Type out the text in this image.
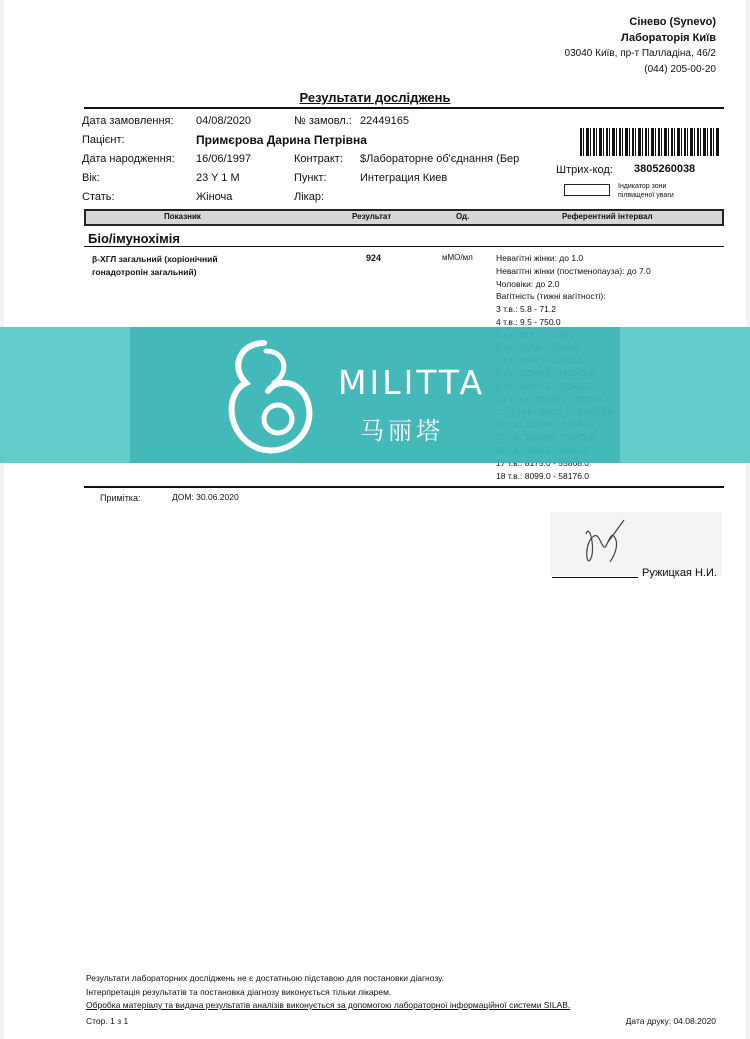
Сінево (Synevo)
Лабораторія Київ
03040 Київ, пр-т Палладіна, 46/2
(044) 205-00-20
Результати досліджень
Дата замовлення: 04/08/2020	№ замовл.: 22449165
Пацієнт:	Примєрова Дарина Петрівна
Дата народження: 16/06/1997	Контракт: $Лабораторне об'єднання (Бер
Вік:	23 Y 1 M	Пункт:	Интеграция Киев
Стать:	Жіноча	Лікар:
Штрих-код: 3805260038
Індикатор зони пілвищеної уваги
Показник	Результат	Од.	Референтний інтервал
Біо/імунохімія
β-ХГЛ загальний (хоріонічний
гонадотропін загальний)
924	мМО/мл	Невагітні жінки: до 1.0
Невагітні жінки (постменопауза): до 7.0
Чоловіки: до 2.0
Вагітність (тижні вагітності):
3 т.в.: 5.8 - 71.2
4 т.в.: 9.5 - 750.0

18 т.в.: 8099.0 - 58176.0
Примітка:	ДОМ: 30.06.2020
Ружицкая Н.И.
Результати лабораторних досліджень не є достатньою підставою для постановки діагнозу.
Інтерпретація результатів та постановка діагнозу виконується тільки лікарем.
Обробка матеріалу та видача результатів аналізів виконується за допомогою лабораторної інформаційної системи SILAB.
Стор. 1 з 1	Дата друку: 04.08.2020
MILITTA
马丽塔
